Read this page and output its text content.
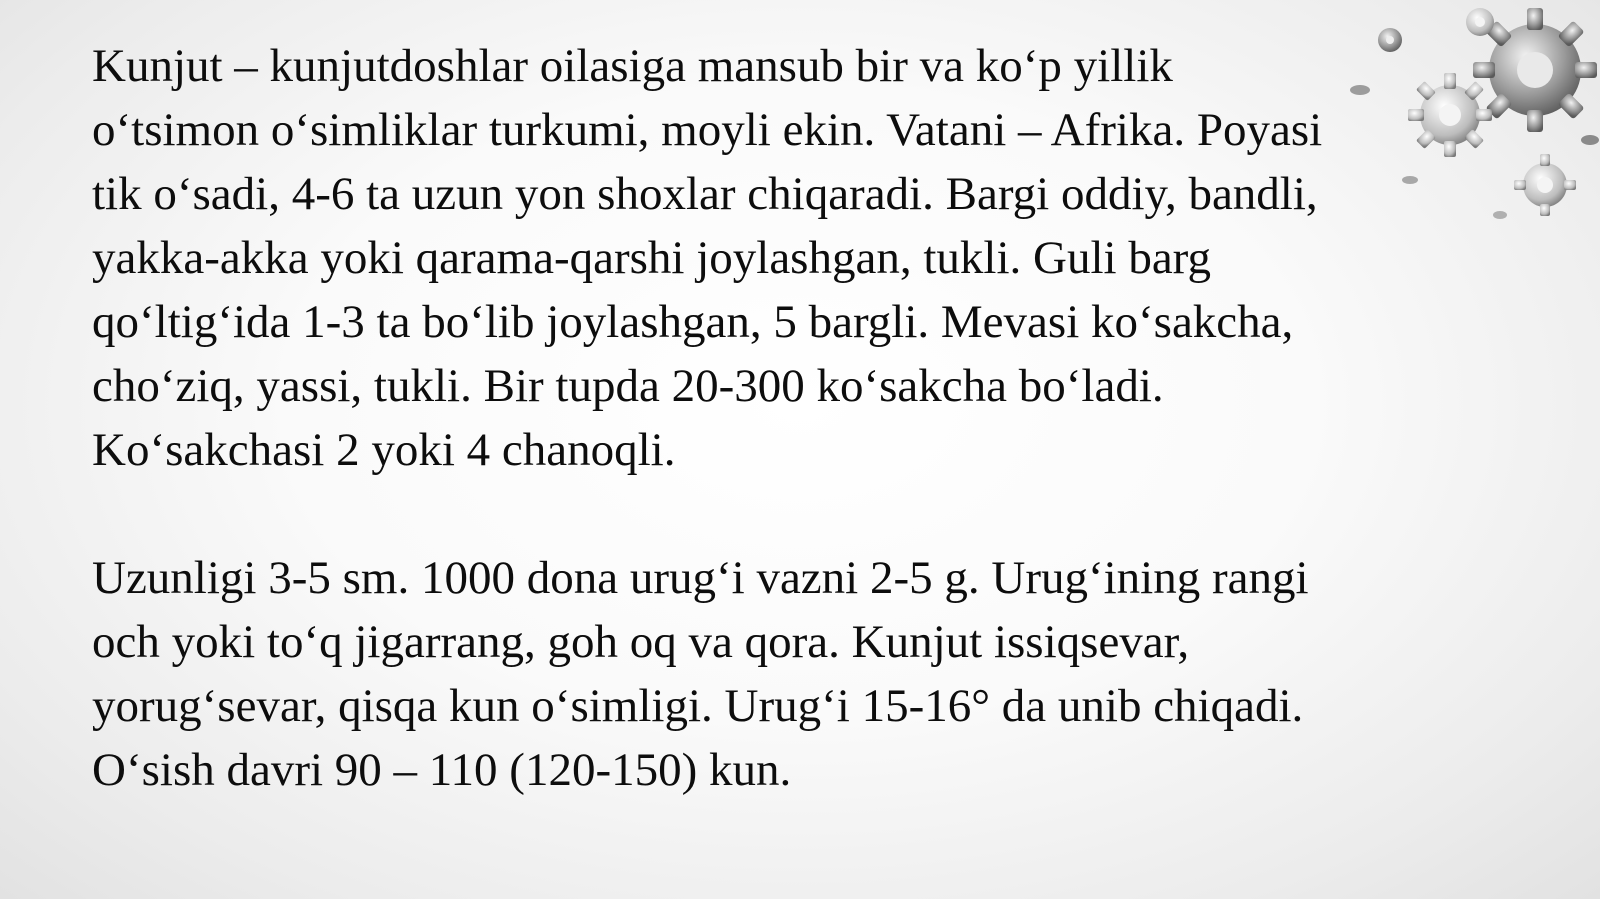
Kunjut – kunjutdoshlar oilasiga mansub bir va koʻp yillik
oʻtsimon oʻsimliklar turkumi, moyli ekin. Vatani – Afrika. Poyasi
tik oʻsadi, 4-6 ta uzun yon shoxlar chiqaradi. Bargi oddiy, bandli,
yakka-akka yoki qarama-qarshi joylashgan, tukli. Guli barg
qoʻltigʻida 1-3 ta boʻlib joylashgan, 5 bargli. Mevasi koʻsakcha,
choʻziq, yassi, tukli. Bir tupda 20-300 koʻsakcha boʻladi.
Koʻsakchasi 2 yoki 4 chanoqli.

Uzunligi 3-5 sm. 1000 dona urugʻi vazni 2-5 g. Urugʻining rangi
och yoki toʻq jigarrang, goh oq va qora. Kunjut issiqsevar,
yorugʻsevar, qisqa kun oʻsimligi. Urugʻi 15-16° da unib chiqadi.
Oʻsish davri 90 – 110 (120-150) kun.
